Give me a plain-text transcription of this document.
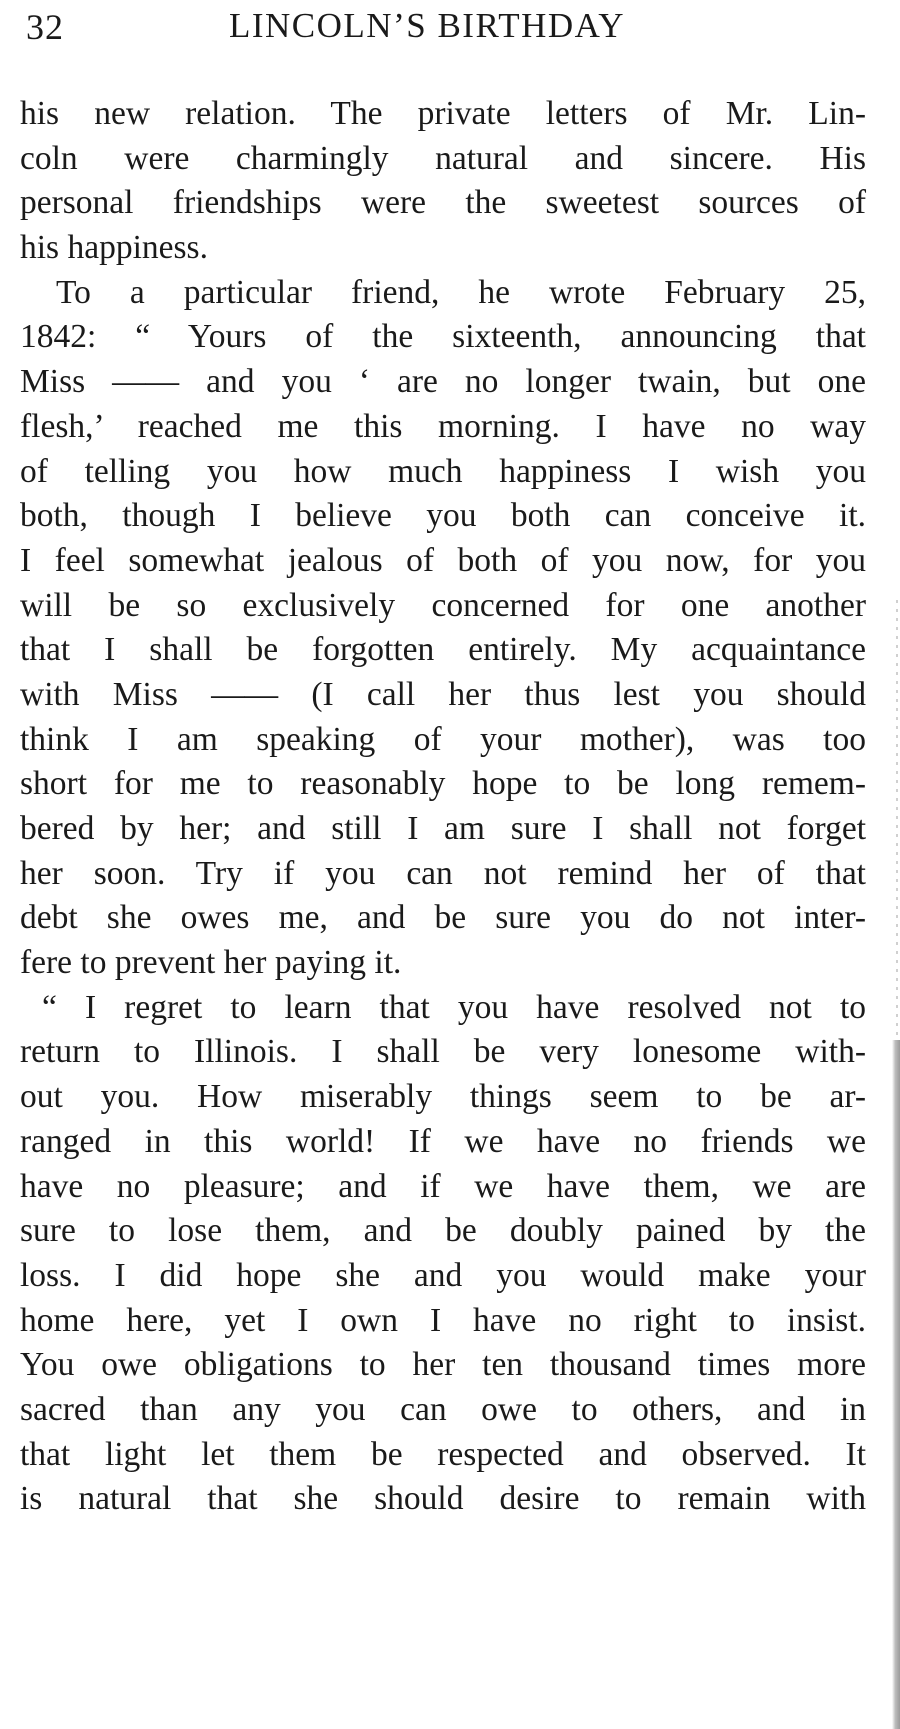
32	LINCOLN’S BIRTHDAY
his new relation. The private letters of Mr. Lin-
coln were charmingly natural and sincere. His
personal friendships were the sweetest sources of
his happiness.
To a particular friend, he wrote February 25,
1842: “ Yours of the sixteenth, announcing that
Miss —— and you ‘ are no longer twain, but one
flesh,’ reached me this morning. I have no way
of telling you how much happiness I wish you
both, though I believe you both can conceive it.
I feel somewhat jealous of both of you now, for you
will be so exclusively concerned for one another
that I shall be forgotten entirely. My acquaintance
with Miss —— (I call her thus lest you should
think I am speaking of your mother), was too
short for me to reasonably hope to be long remem-
bered by her; and still I am sure I shall not forget
her soon. Try if you can not remind her of that
debt she owes me, and be sure you do not inter-
fere to prevent her paying it.
“ I regret to learn that you have resolved not to
return to Illinois. I shall be very lonesome with-
out you. How miserably things seem to be ar-
ranged in this world! If we have no friends we
have no pleasure; and if we have them, we are
sure to lose them, and be doubly pained by the
loss. I did hope she and you would make your
home here, yet I own I have no right to insist.
You owe obligations to her ten thousand times more
sacred than any you can owe to others, and in
that light let them be respected and observed. It
is natural that she should desire to remain with
